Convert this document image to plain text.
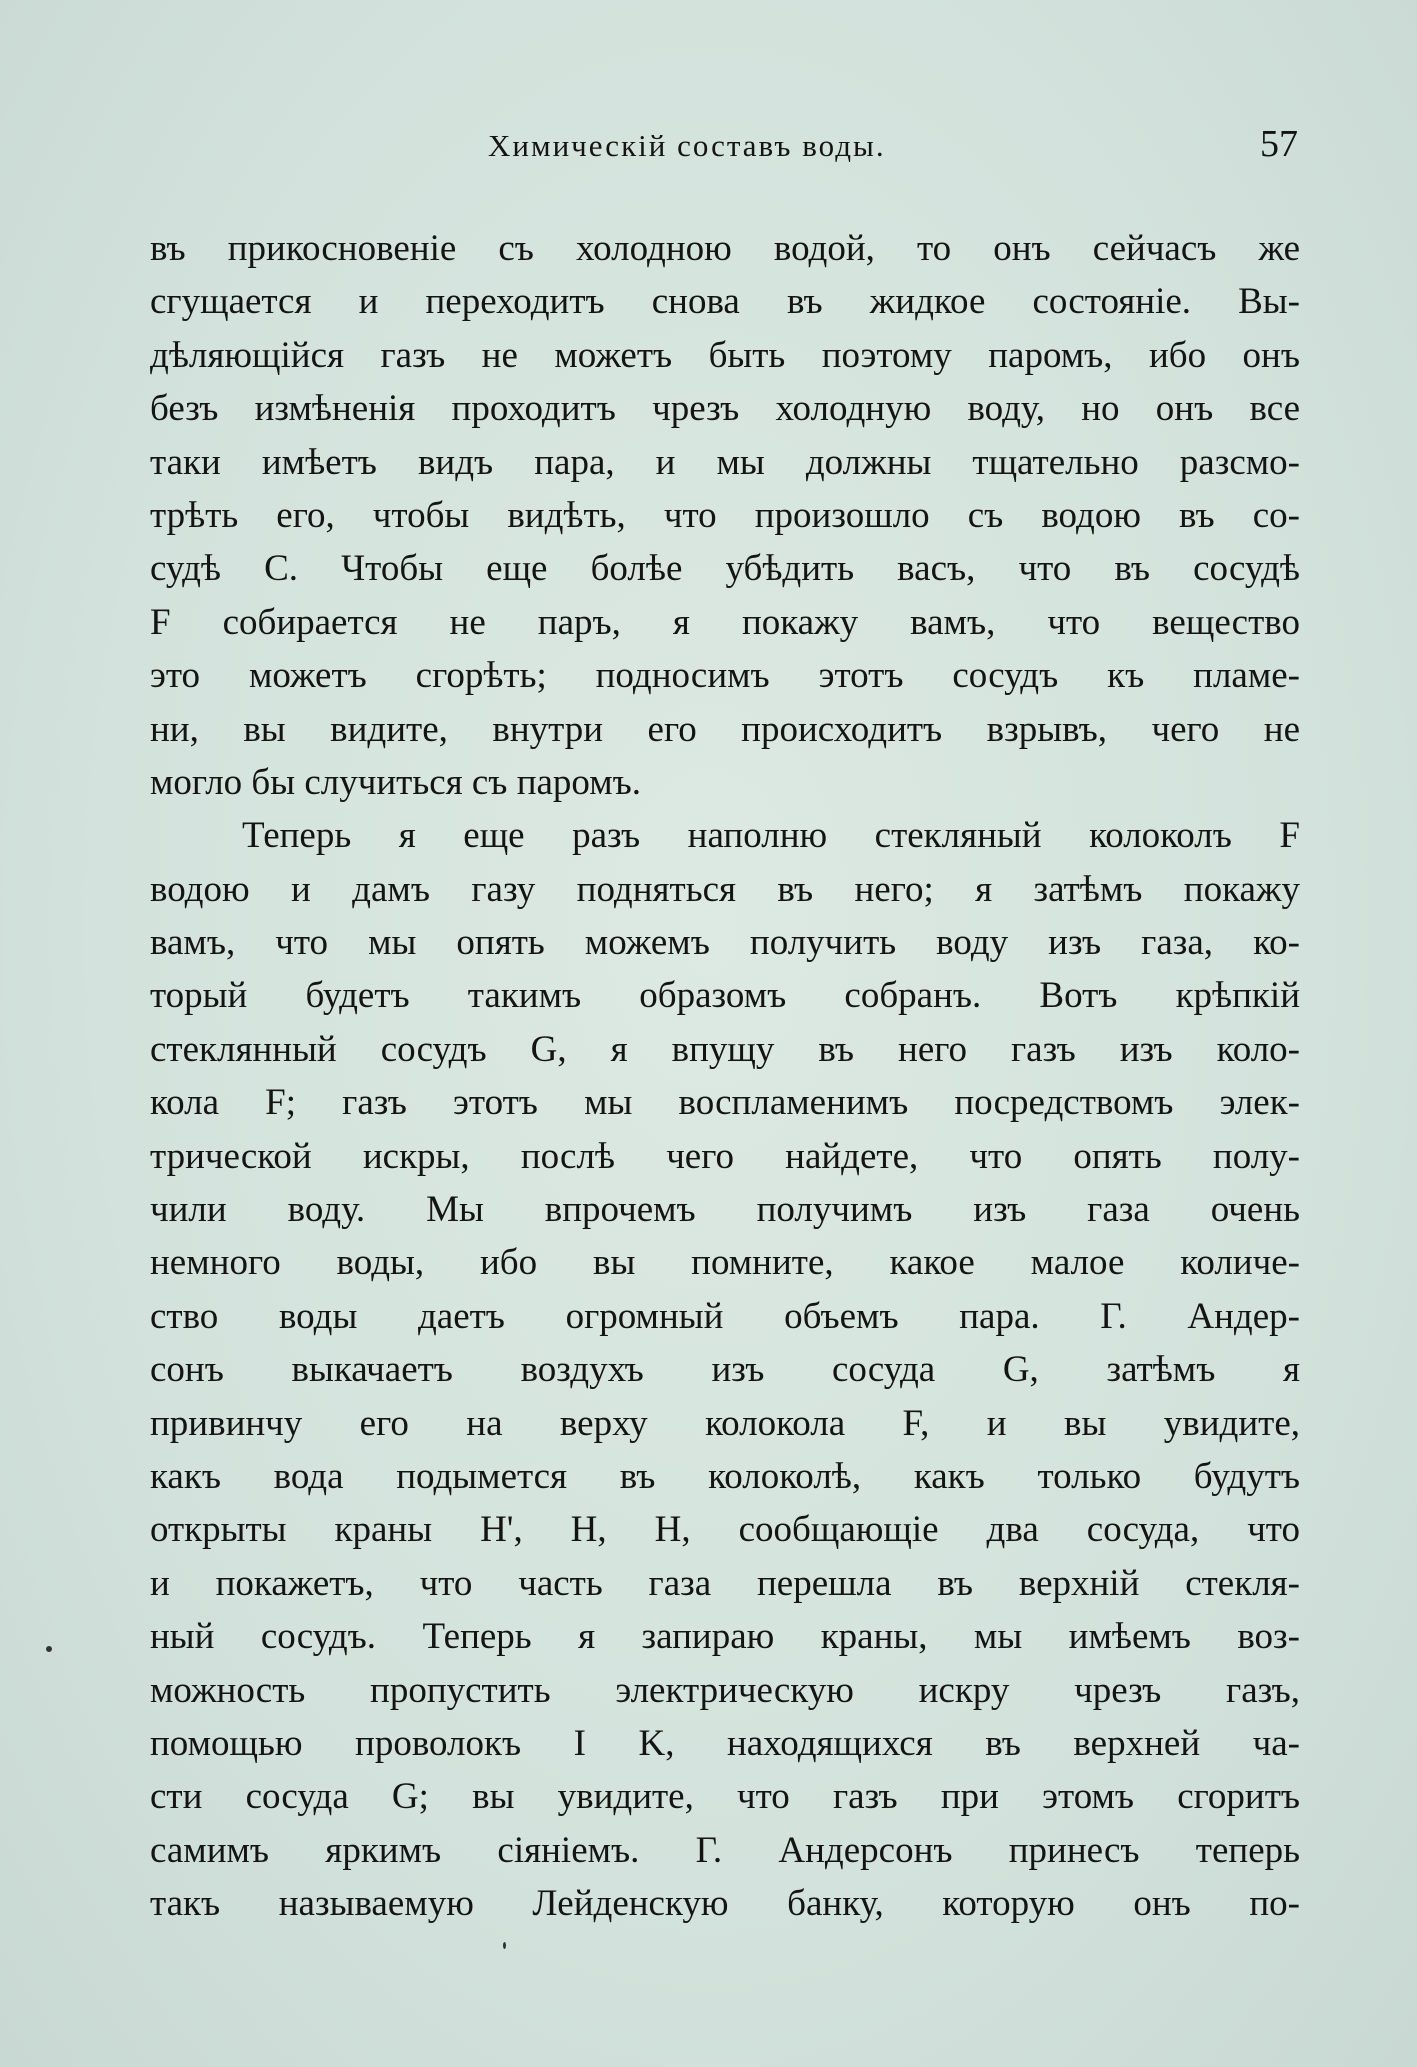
Химическій составъ воды.	57
въ прикосновеніе съ холодною водой, то онъ сейчасъ же
сгущается и переходитъ снова въ жидкое состояніе. Вы-
дѣляющійся газъ не можетъ быть поэтому паромъ, ибо онъ
безъ измѣненія проходитъ чрезъ холодную воду, но онъ все
таки имѣетъ видъ пара, и мы должны тщательно разсмо-
трѣть его, чтобы видѣть, что произошло съ водою въ со-
судѣ C. Чтобы еще болѣе убѣдить васъ, что въ сосудѣ
F собирается не паръ, я покажу вамъ, что вещество
это можетъ сгорѣть; подносимъ этотъ сосудъ къ пламе-
ни, вы видите, внутри его происходитъ взрывъ, чего не
могло бы случиться съ паромъ.
Теперь я еще разъ наполню стекляный колоколъ F
водою и дамъ газу подняться въ него; я затѣмъ покажу
вамъ, что мы опять можемъ получить воду изъ газа, ко-
торый будетъ такимъ образомъ собранъ. Вотъ крѣпкій
стеклянный сосудъ G, я впущу въ него газъ изъ коло-
кола F; газъ этотъ мы воспламенимъ посредствомъ элек-
трической искры, послѣ чего найдете, что опять полу-
чили воду. Мы впрочемъ получимъ изъ газа очень
немного воды, ибо вы помните, какое малое количе-
ство воды даетъ огромный объемъ пара. Г. Андер-
сонъ выкачаетъ воздухъ изъ сосуда G, затѣмъ я
привинчу его на верху колокола F, и вы увидите,
какъ вода подымется въ колоколѣ, какъ только будутъ
открыты краны H', H, H, сообщающіе два сосуда, что
и покажетъ, что часть газа перешла въ верхній стекля-
ный сосудъ. Теперь я запираю краны, мы имѣемъ воз-
можность пропустить электрическую искру чрезъ газъ,
помощью проволокъ I K, находящихся въ верхней ча-
сти сосуда G; вы увидите, что газъ при этомъ сгоритъ
самимъ яркимъ сіяніемъ. Г. Андерсонъ принесъ теперь
такъ называемую Лейденскую банку, которую онъ по-
